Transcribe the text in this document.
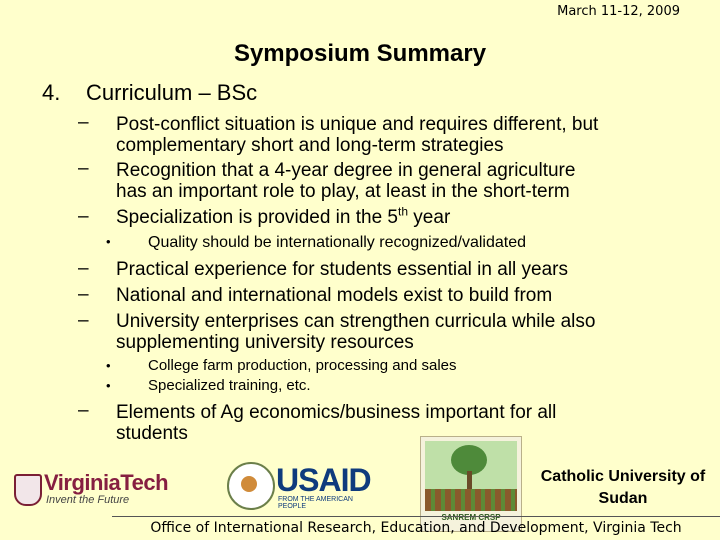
March 11-12, 2009
Symposium Summary
4. Curriculum – BSc
– Post-conflict situation is unique and requires different, but
complementary short and long-term strategies
– Recognition that a 4-year degree in general agriculture
has an important role to play, at least in the short-term
– Specialization is provided in the 5th year
• Quality should be internationally recognized/validated
– Practical experience for students essential in all years
– National and international models exist to build from
– University enterprises can strengthen curricula while also
supplementing university resources
• College farm production, processing and sales
• Specialized training, etc.
– Elements of Ag economics/business important for all
students
VirginiaTech
Invent the Future
USAID
FROM THE AMERICAN PEOPLE
SANREM CRSP
Catholic University of Sudan
Office of International Research, Education, and Development, Virginia Tech
